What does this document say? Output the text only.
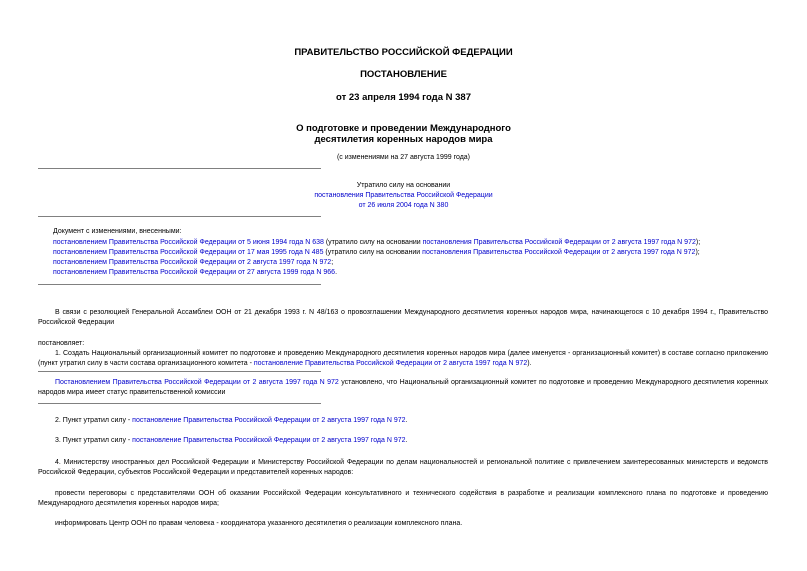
ПРАВИТЕЛЬСТВО РОССИЙСКОЙ ФЕДЕРАЦИИ
ПОСТАНОВЛЕНИЕ
от 23 апреля 1994 года N 387
О подготовке и проведении Международного
десятилетия коренных народов мира
(с изменениями на 27 августа 1999 года)
Утратило силу на основании
постановления Правительства Российской Федерации
от 26 июля 2004 года N 380
Документ с изменениями, внесенными:
постановлением Правительства Российской Федерации от 5 июня 1994 года N 638 (утратило силу на основании постановления Правительства Российской Федерации от 2 августа 1997 года N 972);
постановлением Правительства Российской Федерации от 17 мая 1995 года N 485 (утратило силу на основании постановления Правительства Российской Федерации от 2 августа 1997 года N 972);
постановлением Правительства Российской Федерации от 2 августа 1997 года N 972;
постановлением Правительства Российской Федерации от 27 августа 1999 года N 966.
В связи с резолюцией Генеральной Ассамблеи ООН от 21 декабря 1993 г. N 48/163 о провозглашении Международного десятилетия коренных народов мира, начинающегося с 10 декабря 1994 г., Правительство Российской Федерации
постановляет:
1. Создать Национальный организационный комитет по подготовке и проведению Международного десятилетия коренных народов мира (далее именуется - организационный комитет) в составе согласно приложению (пункт утратил силу в части состава организационного комитета - постановление Правительства Российской Федерации от 2 августа 1997 года N 972).
Постановлением Правительства Российской Федерации от 2 августа 1997 года N 972 установлено, что Национальный организационный комитет по подготовке и проведению Международного десятилетия коренных народов мира имеет статус правительственной комиссии
2. Пункт утратил силу - постановление Правительства Российской Федерации от 2 августа 1997 года N 972.
3. Пункт утратил силу - постановление Правительства Российской Федерации от 2 августа 1997 года N 972.
4. Министерству иностранных дел Российской Федерации и Министерству Российской Федерации по делам национальностей и региональной политике с привлечением заинтересованных министерств и ведомств Российской Федерации, субъектов Российской Федерации и представителей коренных народов:
провести переговоры с представителями ООН об оказании Российской Федерации консультативного и технического содействия в разработке и реализации комплексного плана по подготовке и проведению Международного десятилетия коренных народов мира;
информировать Центр ООН по правам человека - координатора указанного десятилетия о реализации комплексного плана.
